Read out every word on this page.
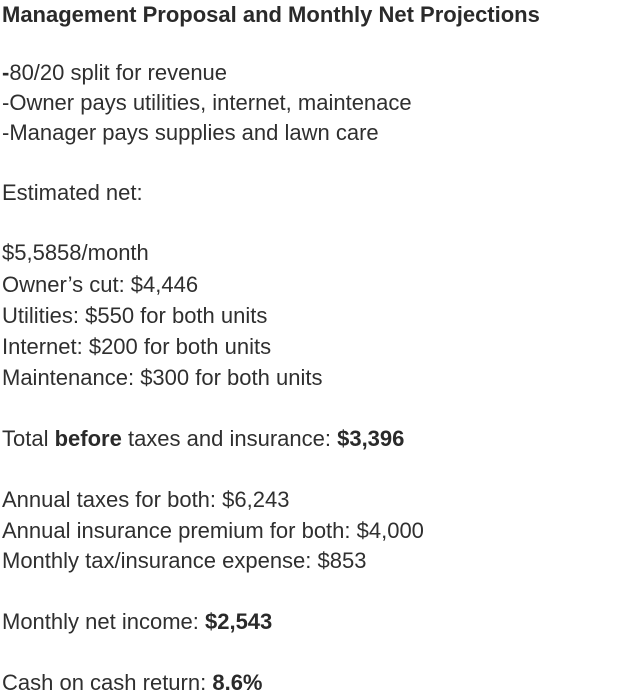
Management Proposal and Monthly Net Projections
-80/20 split for revenue
-Owner pays utilities, internet, maintenace
-Manager pays supplies and lawn care
Estimated net:
$5,5858/month
Owner’s cut: $4,446
Utilities: $550 for both units
Internet: $200 for both units
Maintenance: $300 for both units
Total before taxes and insurance: $3,396
Annual taxes for both: $6,243
Annual insurance premium for both: $4,000
Monthly tax/insurance expense: $853
Monthly net income: $2,543
Cash on cash return: 8.6%
